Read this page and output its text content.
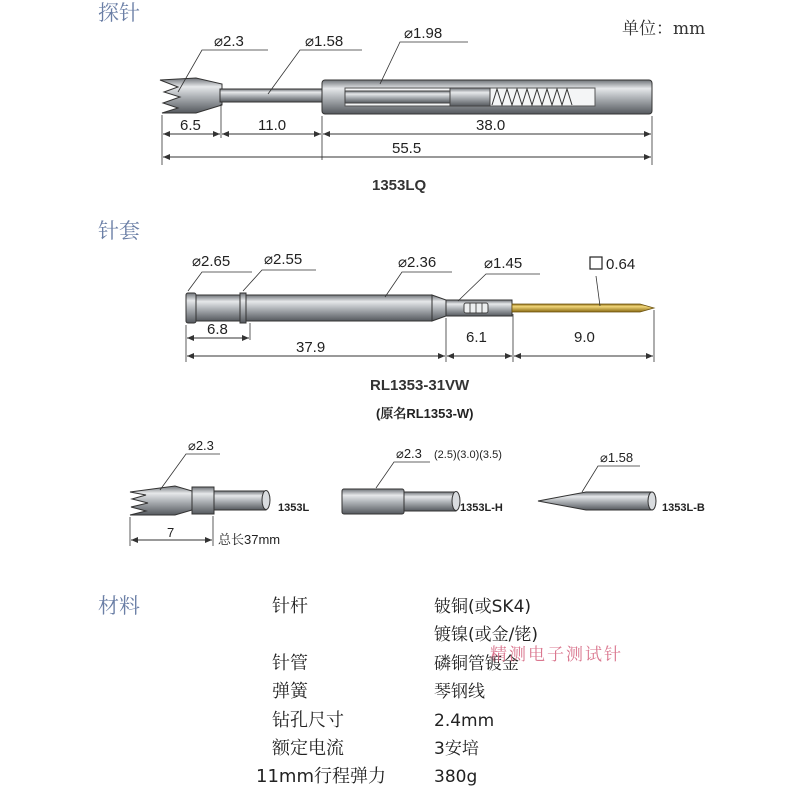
探针
单位：mm
针套
材料
⌀2.3	⌀1.58	⌀1.98
6.5	11.0	38.0
55.5
1353LQ
⌀2.65 ⌀2.55	⌀2.36	⌀1.45	0.64
6.8
37.9
6.1	9.0
RL1353-31VW
(原名RL1353-W)
⌀2.3
1353L
7	总长37mm
⌀2.3 (2.5)(3.0)(3.5)
1353L-H
⌀1.58
1353L-B
针杆	铍铜(或SK4)
镀镍(或金/铑)
针管	磷铜管镀金
弹簧	琴钢线
钻孔尺寸	2.4mm
额定电流	3安培
11mm行程弹力	380g
精测电子测试针
